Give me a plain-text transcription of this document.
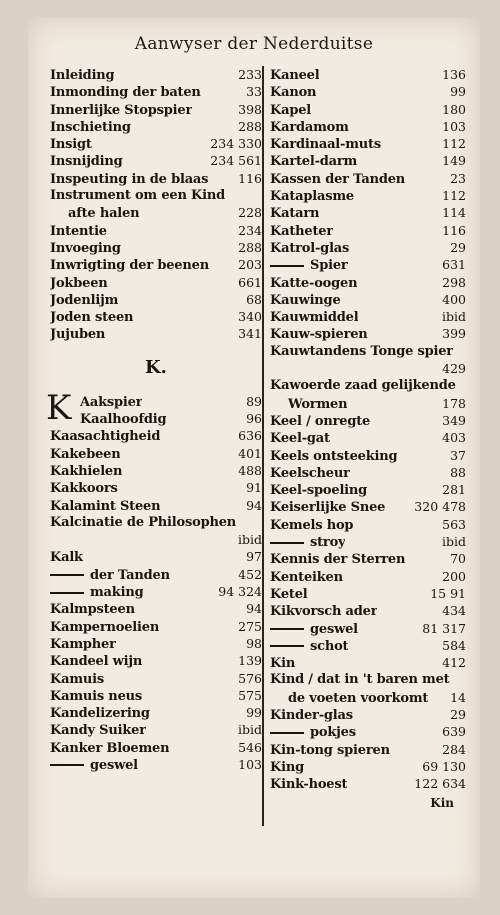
Aanwyser der Nederduitse
Inleiding	233
Inmonding der baten	33
Innerlijke Stopspier	398
Inschieting	288
Insigt	234 330
Insnijding	234 561
Inspeuting in de blaas	116
Instrument om een Kind
afte halen	228
Intentie	234
Invoeging	288
Inwrigting der beenen	203
Jokbeen	661
Jodenlijm	68
Joden steen	340
Jujuben	341
K.
K Aakspier	89
Kaalhoofdig	96
Kaasachtigheid	636
Kakebeen	401
Kakhielen	488
Kakkoors	91
Kalamint Steen	94
Kalcinatie de Philosophen
ibid
Kalk	97
der Tanden	452
making	94 324
Kalmpsteen	94
Kampernoelien	275
Kampher	98
Kandeel wijn	139
Kamuis	576
Kamuis neus	575
Kandelizering	99
Kandy Suiker	ibid
Kanker Bloemen	546
geswel	103
Kaneel	136
Kanon	99
Kapel	180
Kardamom	103
Kardinaal-muts	112
Kartel-darm	149
Kassen der Tanden	23
Kataplasme	112
Katarn	114
Katheter	116
Katrol-glas	29
Spier	631
Katte-oogen	298
Kauwinge	400
Kauwmiddel	ibid
Kauw-spieren	399
Kauwtandens Tonge spier
429
Kawoerde zaad gelijkende
Wormen	178
Keel / onregte	349
Keel-gat	403
Keels ontsteeking	37
Keelscheur	88
Keel-spoeling	281
Keiserlijke Snee	320 478
Kemels hop	563
stroy	ibid
Kennis der Sterren	70
Kenteiken	200
Ketel	15 91
Kikvorsch ader	434
geswel	81 317
schot	584
Kin	412
Kind / dat in 't baren met
de voeten voorkomt	14
Kinder-glas	29
pokjes	639
Kin-tong spieren	284
King	69 130
Kink-hoest	122 634
Kin
